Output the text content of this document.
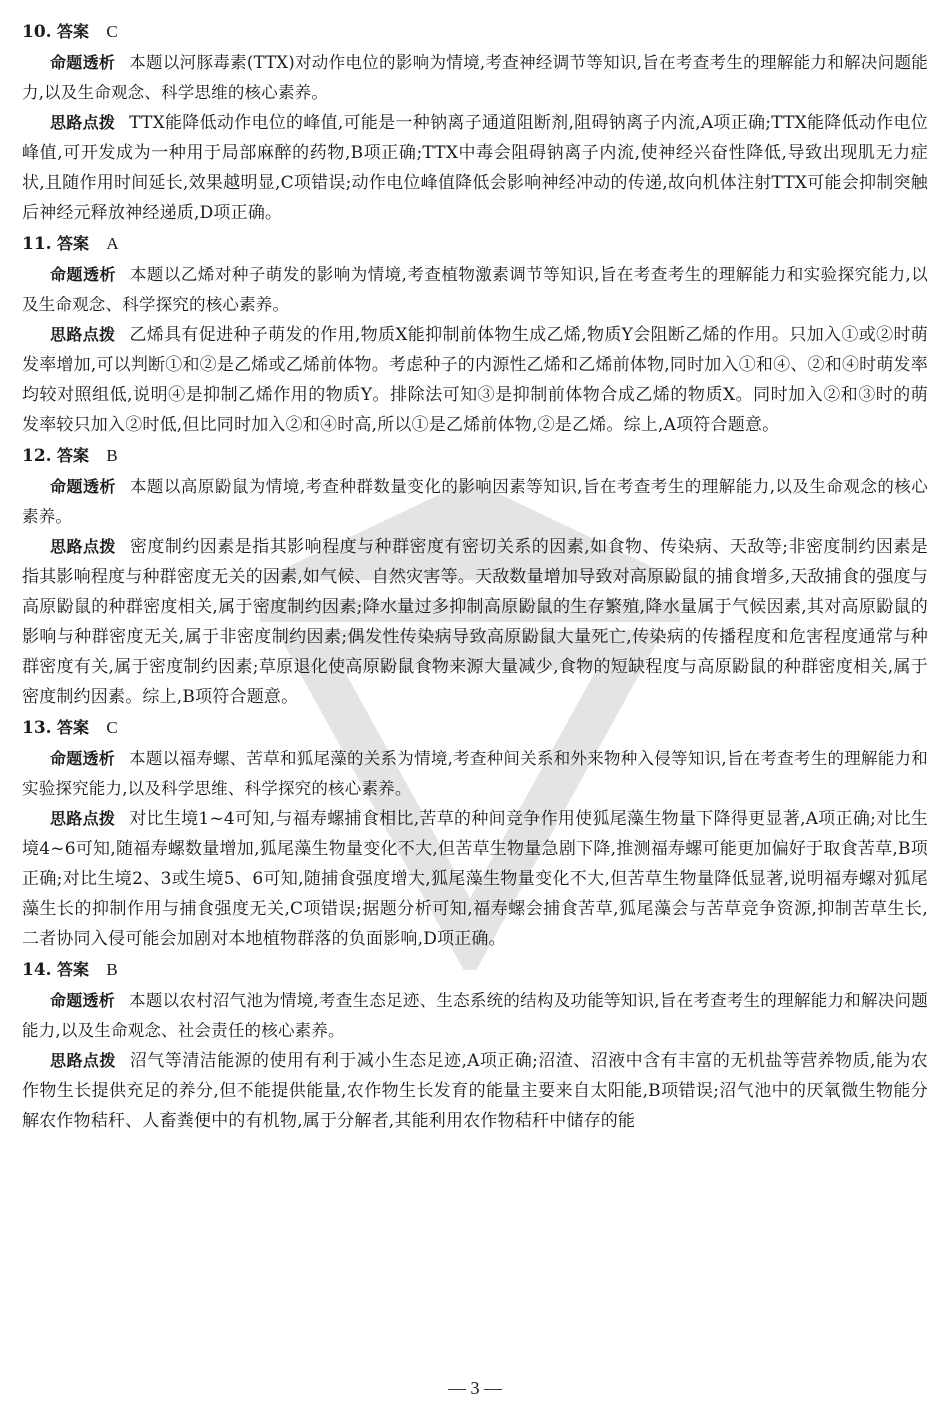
10. 答案 C

命题透析 本题以河豚毒素(TTX)对动作电位的影响为情境,考查神经调节等知识,旨在考查考生的理解能力和解决问题能力,以及生命观念、科学思维的核心素养。

思路点拨 TTX能降低动作电位的峰值,可能是一种钠离子通道阻断剂,阻碍钠离子内流,A项正确;TTX能降低动作电位峰值,可开发成为一种用于局部麻醉的药物,B项正确;TTX中毒会阻碍钠离子内流,使神经兴奋性降低,导致出现肌无力症状,且随作用时间延长,效果越明显,C项错误;动作电位峰值降低会影响神经冲动的传递,故向机体注射TTX可能会抑制突触后神经元释放神经递质,D项正确。

11. 答案 A

命题透析 本题以乙烯对种子萌发的影响为情境,考查植物激素调节等知识,旨在考查考生的理解能力和实验探究能力,以及生命观念、科学探究的核心素养。

思路点拨 乙烯具有促进种子萌发的作用,物质X能抑制前体物生成乙烯,物质Y会阻断乙烯的作用。只加入①或②时萌发率增加,可以判断①和②是乙烯或乙烯前体物。考虑种子的内源性乙烯和乙烯前体物,同时加入①和④、②和④时萌发率均较对照组低,说明④是抑制乙烯作用的物质Y。排除法可知③是抑制前体物合成乙烯的物质X。同时加入②和③时的萌发率较只加入②时低,但比同时加入②和④时高,所以①是乙烯前体物,②是乙烯。综上,A项符合题意。

12. 答案 B

命题透析 本题以高原鼢鼠为情境,考查种群数量变化的影响因素等知识,旨在考查考生的理解能力,以及生命观念的核心素养。

思路点拨 密度制约因素是指其影响程度与种群密度有密切关系的因素,如食物、传染病、天敌等;非密度制约因素是指其影响程度与种群密度无关的因素,如气候、自然灾害等。天敌数量增加导致对高原鼢鼠的捕食增多,天敌捕食的强度与高原鼢鼠的种群密度相关,属于密度制约因素;降水量过多抑制高原鼢鼠的生存繁殖,降水量属于气候因素,其对高原鼢鼠的影响与种群密度无关,属于非密度制约因素;偶发性传染病导致高原鼢鼠大量死亡,传染病的传播程度和危害程度通常与种群密度有关,属于密度制约因素;草原退化使高原鼢鼠食物来源大量减少,食物的短缺程度与高原鼢鼠的种群密度相关,属于密度制约因素。综上,B项符合题意。

13. 答案 C

命题透析 本题以福寿螺、苦草和狐尾藻的关系为情境,考查种间关系和外来物种入侵等知识,旨在考查考生的理解能力和实验探究能力,以及科学思维、科学探究的核心素养。

思路点拨 对比生境1~4可知,与福寿螺捕食相比,苦草的种间竞争作用使狐尾藻生物量下降得更显著,A项正确;对比生境4~6可知,随福寿螺数量增加,狐尾藻生物量变化不大,但苦草生物量急剧下降,推测福寿螺可能更加偏好于取食苦草,B项正确;对比生境2、3或生境5、6可知,随捕食强度增大,狐尾藻生物量变化不大,但苦草生物量降低显著,说明福寿螺对狐尾藻生长的抑制作用与捕食强度无关,C项错误;据题分析可知,福寿螺会捕食苦草,狐尾藻会与苦草竞争资源,抑制苦草生长,二者协同入侵可能会加剧对本地植物群落的负面影响,D项正确。

14. 答案 B

命题透析 本题以农村沼气池为情境,考查生态足迹、生态系统的结构及功能等知识,旨在考查考生的理解能力和解决问题能力,以及生命观念、社会责任的核心素养。

思路点拨 沼气等清洁能源的使用有利于减小生态足迹,A项正确;沼渣、沼液中含有丰富的无机盐等营养物质,能为农作物生长提供充足的养分,但不能提供能量,农作物生长发育的能量主要来自太阳能,B项错误;沼气池中的厌氧微生物能分解农作物秸秆、人畜粪便中的有机物,属于分解者,其能利用农作物秸秆中储存的能

— 3 —
